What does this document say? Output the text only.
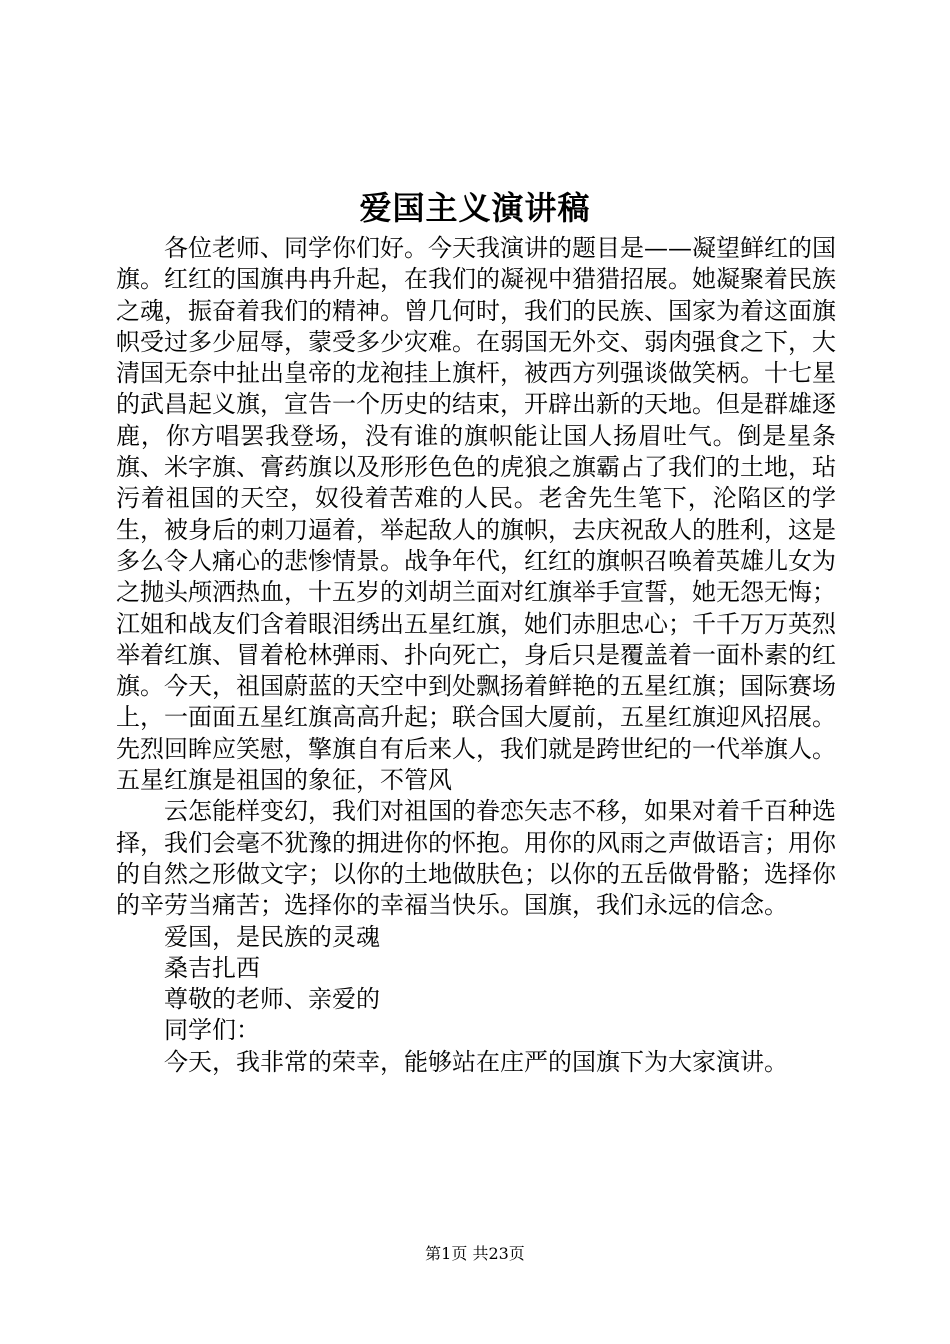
爱国主义演讲稿

各位老师、同学你们好。今天我演讲的题目是——凝望鲜红的国旗。红红的国旗冉冉升起，在我们的凝视中猎猎招展。她凝聚着民族之魂，振奋着我们的精神。曾几何时，我们的民族、国家为着这面旗帜受过多少屈辱，蒙受多少灾难。在弱国无外交、弱肉强食之下，大清国无奈中扯出皇帝的龙袍挂上旗杆，被西方列强谈做笑柄。十七星的武昌起义旗，宣告一个历史的结束，开辟出新的天地。但是群雄逐鹿，你方唱罢我登场，没有谁的旗帜能让国人扬眉吐气。倒是星条旗、米字旗、膏药旗以及形形色色的虎狼之旗霸占了我们的土地，玷污着祖国的天空，奴役着苦难的人民。老舍先生笔下，沦陷区的学生，被身后的刺刀逼着，举起敌人的旗帜，去庆祝敌人的胜利，这是多么令人痛心的悲惨情景。战争年代，红红的旗帜召唤着英雄儿女为之抛头颅洒热血，十五岁的刘胡兰面对红旗举手宣誓，她无怨无悔；江姐和战友们含着眼泪绣出五星红旗，她们赤胆忠心；千千万万英烈举着红旗、冒着枪林弹雨、扑向死亡，身后只是覆盖着一面朴素的红旗。今天，祖国蔚蓝的天空中到处飘扬着鲜艳的五星红旗；国际赛场上，一面面五星红旗高高升起；联合国大厦前，五星红旗迎风招展。先烈回眸应笑慰，擎旗自有后来人，我们就是跨世纪的一代举旗人。五星红旗是祖国的象征，不管风

云怎能样变幻，我们对祖国的眷恋矢志不移，如果对着千百种选择，我们会毫不犹豫的拥进你的怀抱。用你的风雨之声做语言；用你的自然之形做文字；以你的土地做肤色；以你的五岳做骨骼；选择你的辛劳当痛苦；选择你的幸福当快乐。国旗，我们永远的信念。

爱国，是民族的灵魂

桑吉扎西

尊敬的老师、亲爱的

同学们：

今天，我非常的荣幸，能够站在庄严的国旗下为大家演讲。

第1页 共23页
